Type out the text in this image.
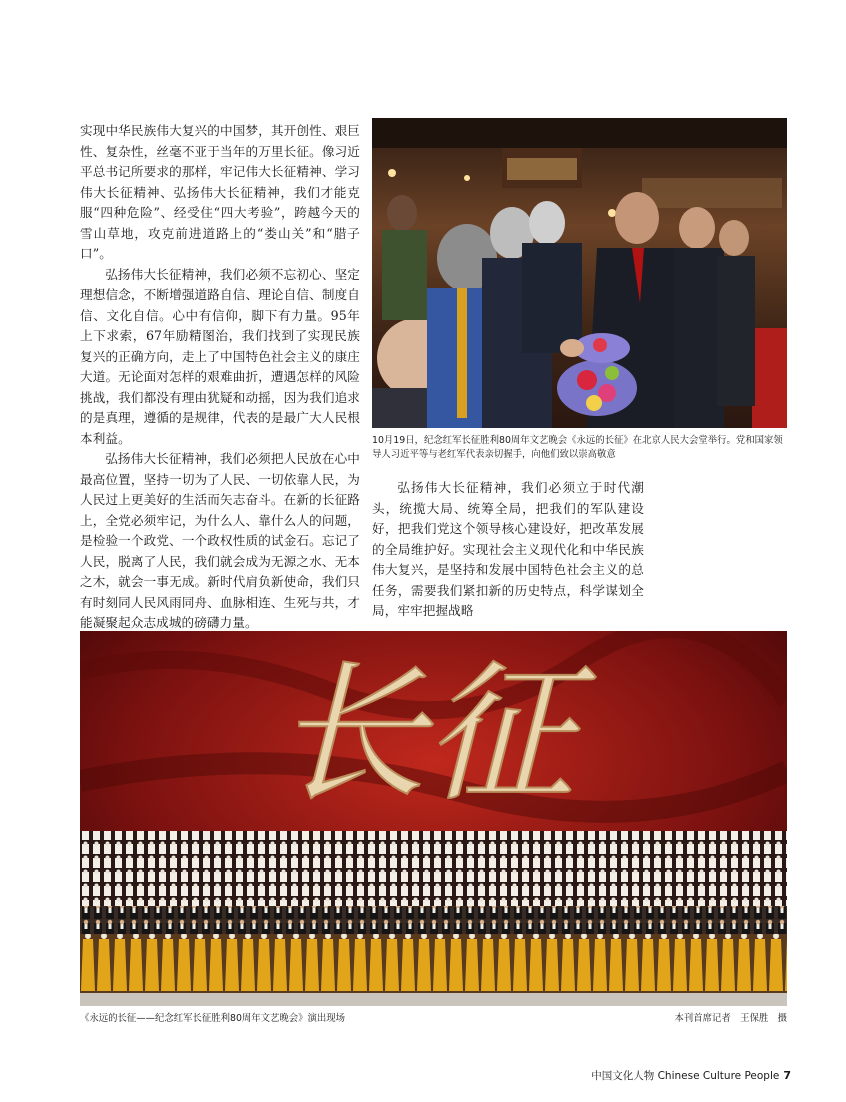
实现中华民族伟大复兴的中国梦，其开创性、艰巨性、复杂性，丝毫不亚于当年的万里长征。像习近平总书记所要求的那样，牢记伟大长征精神、学习伟大长征精神、弘扬伟大长征精神，我们才能克服“四种危险”、经受住“四大考验”，跨越今天的雪山草地，攻克前进道路上的“娄山关”和“腊子口”。

弘扬伟大长征精神，我们必须不忘初心、坚定理想信念，不断增强道路自信、理论自信、制度自信、文化自信。心中有信仰，脚下有力量。95年上下求索，67年励精图治，我们找到了实现民族复兴的正确方向，走上了中国特色社会主义的康庄大道。无论面对怎样的艰难曲折，遭遇怎样的风险挑战，我们都没有理由犹疑和动摇，因为我们追求的是真理，遵循的是规律，代表的是最广大人民根本利益。

弘扬伟大长征精神，我们必须把人民放在心中最高位置，坚持一切为了人民、一切依靠人民，为人民过上更美好的生活而矢志奋斗。在新的长征路上，全党必须牢记，为什么人、靠什么人的问题，是检验一个政党、一个政权性质的试金石。忘记了人民，脱离了人民，我们就会成为无源之水、无本之木，就会一事无成。新时代肩负新使命，我们只有时刻同人民风雨同舟、血脉相连、生死与共，才能凝聚起众志成城的磅礴力量。

10月19日，纪念红军长征胜利80周年文艺晚会《永远的长征》在北京人民大会堂举行。党和国家领导人习近平等与老红军代表亲切握手，向他们致以崇高敬意

弘扬伟大长征精神，我们必须立于时代潮头，统揽大局、统筹全局，把我们的军队建设好，把我们党这个领导核心建设好，把改革发展的全局维护好。实现社会主义现代化和中华民族伟大复兴，是坚持和发展中国特色社会主义的总任务，需要我们紧扣新的历史特点，科学谋划全局，牢牢把握战略

长征
《永远的长征——纪念红军长征胜利80周年文艺晚会》演出现场	本刊首席记者　王保胜　摄
中国文化人物 Chinese Culture People 7
